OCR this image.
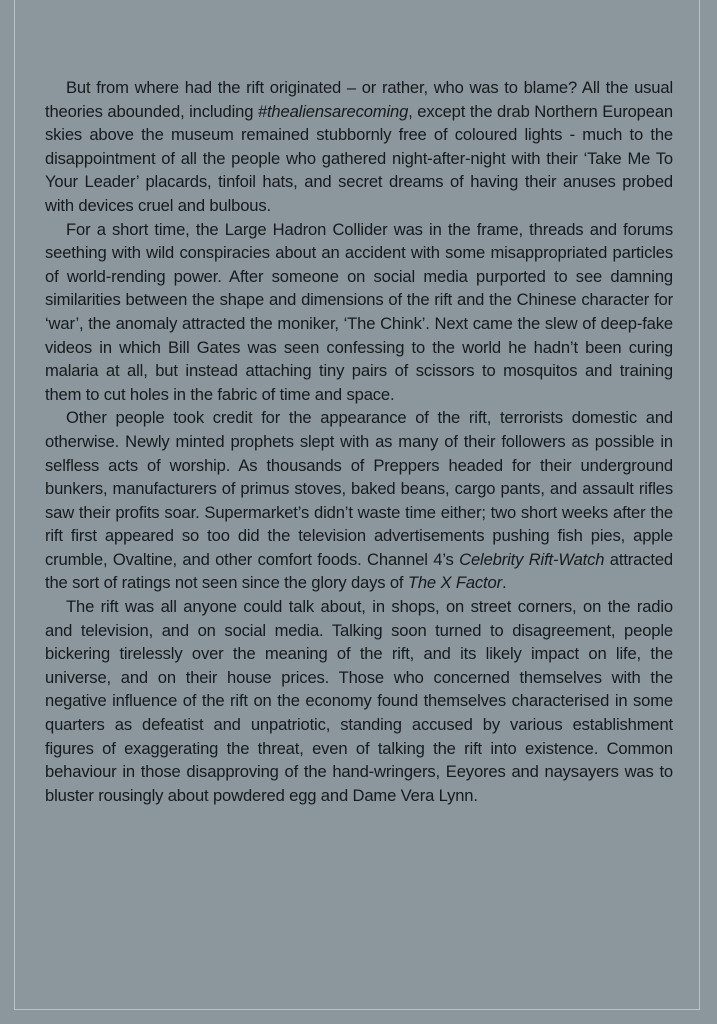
But from where had the rift originated – or rather, who was to blame? All the usual theories abounded, including #thealiensarecoming, except the drab Northern European skies above the museum remained stubbornly free of coloured lights - much to the disappointment of all the people who gathered night-after-night with their ‘Take Me To Your Leader’ placards, tinfoil hats, and secret dreams of having their anuses probed with devices cruel and bulbous.

For a short time, the Large Hadron Collider was in the frame, threads and forums seething with wild conspiracies about an accident with some misappropriated particles of world-rending power. After someone on social media purported to see damning similarities between the shape and dimensions of the rift and the Chinese character for ‘war’, the anomaly attracted the moniker, ‘The Chink’. Next came the slew of deep-fake videos in which Bill Gates was seen confessing to the world he hadn’t been curing malaria at all, but instead attaching tiny pairs of scissors to mosquitos and training them to cut holes in the fabric of time and space.

Other people took credit for the appearance of the rift, terrorists domestic and otherwise. Newly minted prophets slept with as many of their followers as possible in selfless acts of worship. As thousands of Preppers headed for their underground bunkers, manufacturers of primus stoves, baked beans, cargo pants, and assault rifles saw their profits soar. Supermarket’s didn’t waste time either; two short weeks after the rift first appeared so too did the television advertisements pushing fish pies, apple crumble, Ovaltine, and other comfort foods. Channel 4’s Celebrity Rift-Watch attracted the sort of ratings not seen since the glory days of The X Factor.

The rift was all anyone could talk about, in shops, on street corners, on the radio and television, and on social media. Talking soon turned to disagreement, people bickering tirelessly over the meaning of the rift, and its likely impact on life, the universe, and on their house prices. Those who concerned themselves with the negative influence of the rift on the economy found themselves characterised in some quarters as defeatist and unpatriotic, standing accused by various establishment figures of exaggerating the threat, even of talking the rift into existence. Common behaviour in those disapproving of the hand-wringers, Eeyores and naysayers was to bluster rousingly about powdered egg and Dame Vera Lynn.
